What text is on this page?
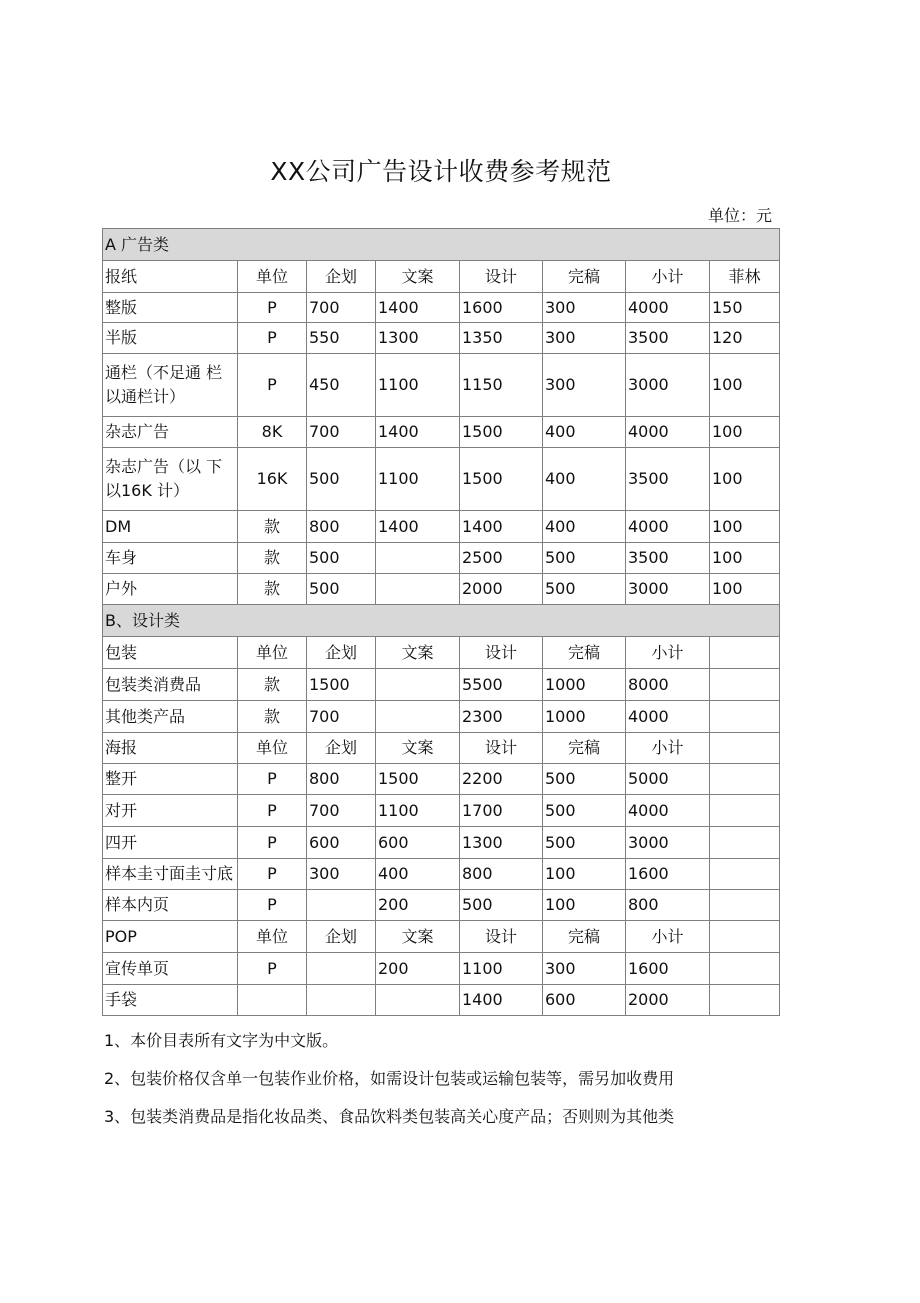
XX公司广告设计收费参考规范
单位：元
A 广告类							
报纸	单位	企划	文案	设计	完稿	小计	菲林
整版	P	700	1400	1600	300	4000	150
半版	P	550	1300	1350	300	3500	120
通栏（不足通 栏以通栏计）	P	450	1100	1150	300	3000	100
杂志广告	8K	700	1400	1500	400	4000	100
杂志广告（以 下以16K 计）	16K	500	1100	1500	400	3500	100
DM	款	800	1400	1400	400	4000	100
车身	款	500		2500	500	3500	100
户外	款	500		2000	500	3000	100
B、设计类							
包装	单位	企划	文案	设计	完稿	小计	
包装类消费品	款	1500		5500	1000	8000	
其他类产品	款	700		2300	1000	4000	
海报	单位	企划	文案	设计	完稿	小计	
整开	P	800	1500	2200	500	5000	
对开	P	700	1100	1700	500	4000	
四开	P	600	600	1300	500	3000	
样本圭寸面圭寸底	P	300	400	800	100	1600	
样本内页	P		200	500	100	800	
POP	单位	企划	文案	设计	完稿	小计	
宣传单页	P		200	1100	300	1600	
手袋				1400	600	2000	
1、本价目表所有文字为中文版。
2、包装价格仅含单一包装作业价格，如需设计包装或运输包装等，需另加收费用
3、包装类消费品是指化妆品类、食品饮料类包装高关心度产品；否则则为其他类
